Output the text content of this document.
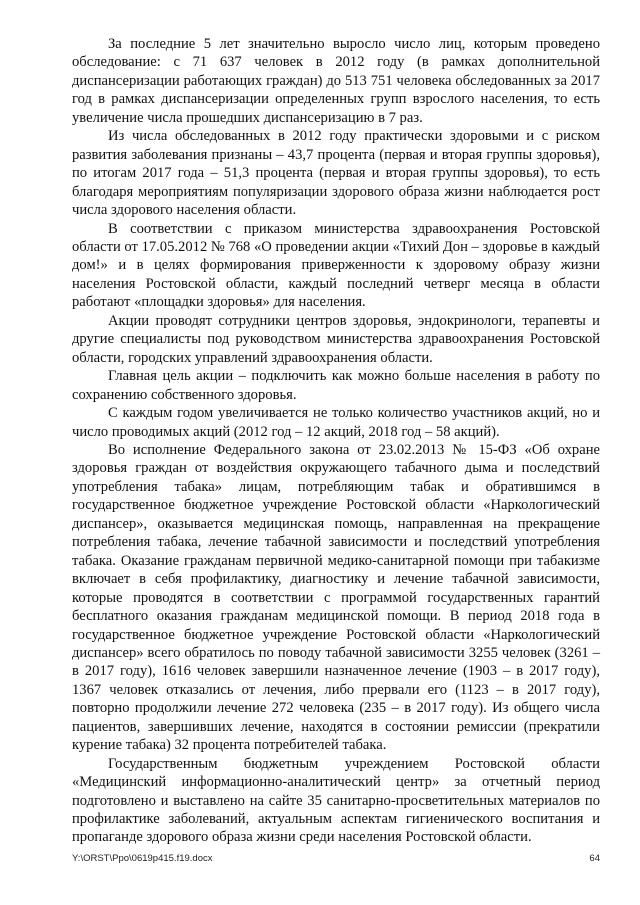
За последние 5 лет значительно выросло число лиц, которым проведено обследование: с 71 637 человек в 2012 году (в рамках дополнительной диспансеризации работающих граждан) до 513 751 человека обследованных за 2017 год в рамках диспансеризации определенных групп взрослого населения, то есть увеличение числа прошедших диспансеризацию в 7 раз.

Из числа обследованных в 2012 году практически здоровыми и с риском развития заболевания признаны – 43,7 процента (первая и вторая группы здоровья), по итогам 2017 года – 51,3 процента (первая и вторая группы здоровья), то есть благодаря мероприятиям популяризации здорового образа жизни наблюдается рост числа здорового населения области.

В соответствии с приказом министерства здравоохранения Ростовской области от 17.05.2012 № 768 «О проведении акции «Тихий Дон – здоровье в каждый дом!» и в целях формирования приверженности к здоровому образу жизни населения Ростовской области, каждый последний четверг месяца в области работают «площадки здоровья» для населения.

Акции проводят сотрудники центров здоровья, эндокринологи, терапевты и другие специалисты под руководством министерства здравоохранения Ростовской области, городских управлений здравоохранения области.

Главная цель акции – подключить как можно больше населения в работу по сохранению собственного здоровья.

С каждым годом увеличивается не только количество участников акций, но и число проводимых акций (2012 год – 12 акций, 2018 год – 58 акций).

Во исполнение Федерального закона от 23.02.2013 № 15-ФЗ «Об охране здоровья граждан от воздействия окружающего табачного дыма и последствий употребления табака» лицам, потребляющим табак и обратившимся в государственное бюджетное учреждение Ростовской области «Наркологический диспансер», оказывается медицинская помощь, направленная на прекращение потребления табака, лечение табачной зависимости и последствий употребления табака. Оказание гражданам первичной медико-санитарной помощи при табакизме включает в себя профилактику, диагностику и лечение табачной зависимости, которые проводятся в соответствии с программой государственных гарантий бесплатного оказания гражданам медицинской помощи. В период 2018 года в государственное бюджетное учреждение Ростовской области «Наркологический диспансер» всего обратилось по поводу табачной зависимости 3255 человек (3261 – в 2017 году), 1616 человек завершили назначенное лечение (1903 – в 2017 году), 1367 человек отказались от лечения, либо прервали его (1123 – в 2017 году), повторно продолжили лечение 272 человека (235 – в 2017 году). Из общего числа пациентов, завершивших лечение, находятся в состоянии ремиссии (прекратили курение табака) 32 процента потребителей табака.

Государственным бюджетным учреждением Ростовской области «Медицинский информационно-аналитический центр» за отчетный период подготовлено и выставлено на сайте 35 санитарно-просветительных материалов по профилактике заболеваний, актуальным аспектам гигиенического воспитания и пропаганде здорового образа жизни среди населения Ростовской области.

Y:\ORST\Ppo\0619p415.f19.docx	64
